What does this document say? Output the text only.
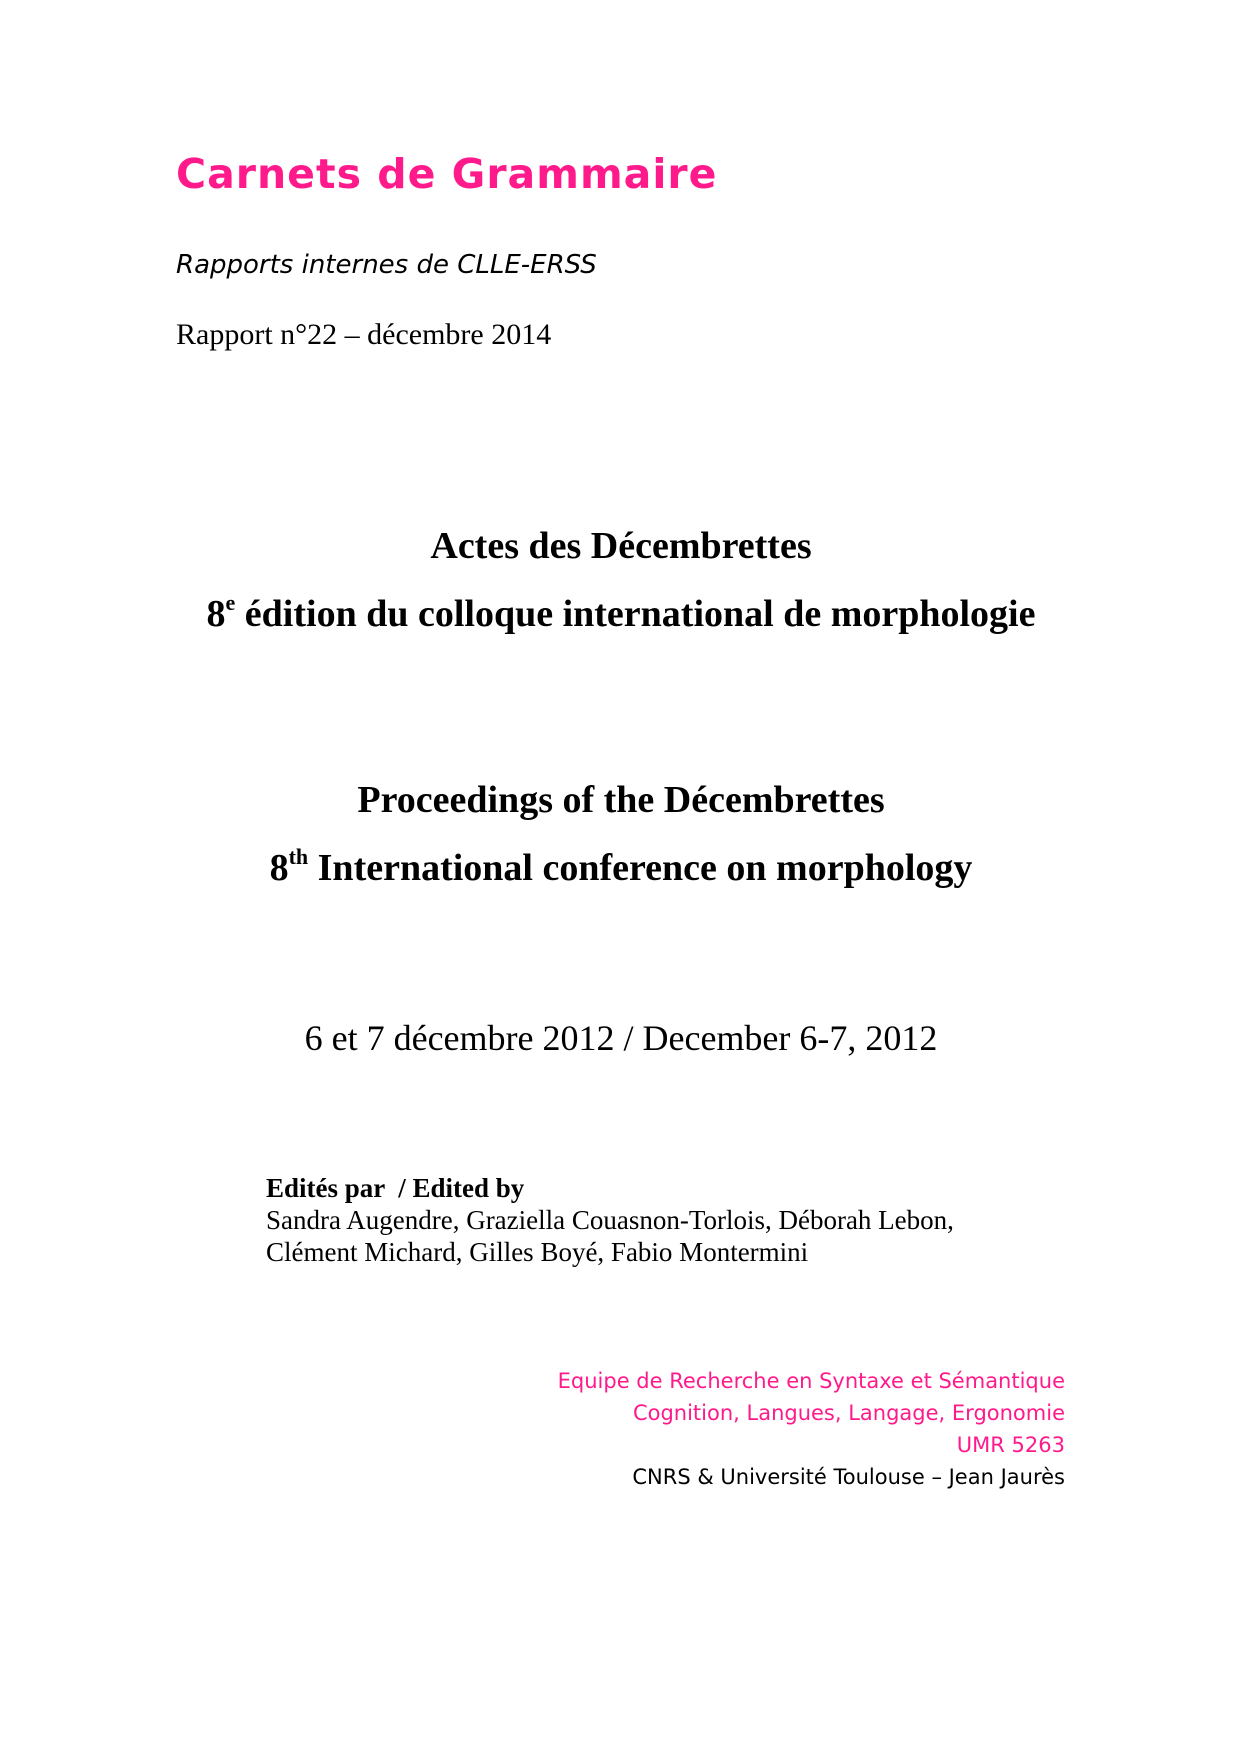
Carnets de Grammaire
Rapports internes de CLLE-ERSS
Rapport n°22 – décembre 2014
Actes des Décembrettes
8e édition du colloque international de morphologie
Proceedings of the Décembrettes
8th International conference on morphology
6 et 7 décembre 2012 / December 6-7, 2012
Edités par  / Edited by
Sandra Augendre, Graziella Couasnon-Torlois, Déborah Lebon, Clément Michard, Gilles Boyé, Fabio Montermini
Equipe de Recherche en Syntaxe et Sémantique
Cognition, Langues, Langage, Ergonomie
UMR 5263
CNRS & Université Toulouse – Jean Jaurès
